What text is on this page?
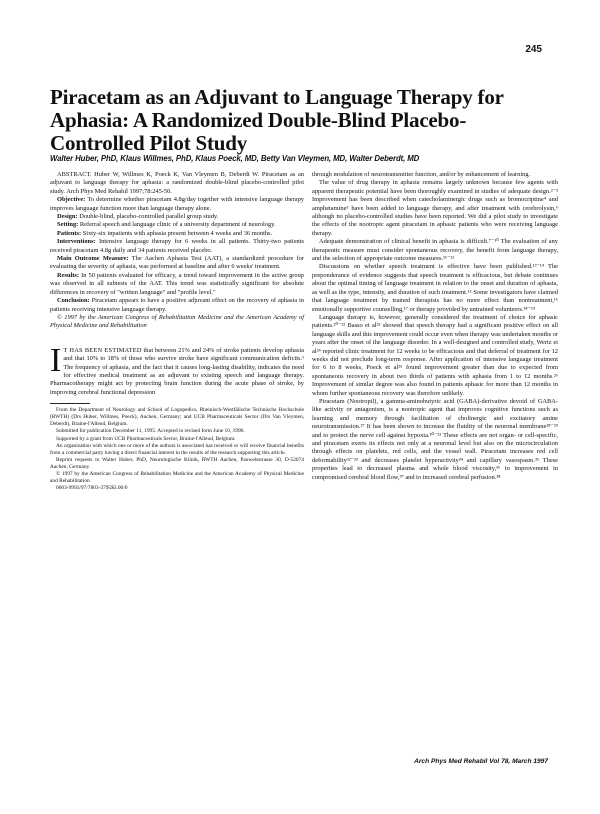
245
Piracetam as an Adjuvant to Language Therapy for Aphasia: A Randomized Double-Blind Placebo-Controlled Pilot Study
Walter Huber, PhD, Klaus Willmes, PhD, Klaus Poeck, MD, Betty Van Vleymen, MD, Walter Deberdt, MD

ABSTRACT. Huber W, Willmes K, Poeck K, Van Vleymen B, Deberdt W. Piracetam as an adjuvant to language therapy for aphasia: a randomized double-blind placebo-controlled pilot study. Arch Phys Med Rehabil 1997;78:245-50.

Objective: To determine whether piracetam 4.8g/day together with intensive language therapy improves language function more than language therapy alone.

Design: Double-blind, placebo-controlled parallel group study.

Setting: Referral speech and language clinic of a university department of neurology.

Patients: Sixty-six inpatients with aphasia present between 4 weeks and 36 months.

Interventions: Intensive language therapy for 6 weeks in all patients. Thirty-two patients received piracetam 4.8g daily and 34 patients received placebo.

Main Outcome Measure: The Aachen Aphasia Test (AAT), a standardized procedure for evaluating the severity of aphasia, was performed at baseline and after 6 weeks' treatment.

Results: In 50 patients evaluated for efficacy, a trend toward improvement in the active group was observed in all subtests of the AAT. This trend was statistically significant for absolute differences in recovery of "written language" and "profile level."

Conclusion: Piracetam appears to have a positive adjuvant effect on the recovery of aphasia in patients receiving intensive language therapy.

© 1997 by the American Congress of Rehabilitation Medicine and the American Academy of Physical Medicine and Rehabilitation

I T HAS BEEN ESTIMATED that between 21% and 24% of stroke patients develop aphasia and that 10% to 18% of those who survive stroke have significant communication deficits.¹ The frequency of aphasia, and the fact that it causes long-lasting disability, indicates the need for effective medical treatment as an adjuvant to existing speech and language therapy. Pharmacotherapy might act by protecting brain function during the acute phase of stroke, by improving cerebral functional depression

From the Department of Neurology and School of Logopedics, Rheinisch-Westfälische Technische Hochschule (RWTH) (Drs Huber, Willmes, Poeck), Aachen, Germany; and UCB Pharmaceuticals Sector (Drs Van Vleymen, Deberdt), Braine-l'Alleud, Belgium.

Submitted for publication December 11, 1995. Accepted in revised form June 10, 1996.

Supported by a grant from UCB Pharmaceuticals Sector, Braine-l'Alleud, Belgium.

An organization with which one or more of the authors is associated has received or will receive financial benefits from a commercial party having a direct financial interest in the results of the research supporting this article.

Reprint requests to Walter Huber, PhD, Neurologische Klinik, RWTH Aachen, Pauwelsstrasse 30, D-52074 Aachen, Germany.

© 1997 by the American Congress of Rehabilitation Medicine and the American Academy of Physical Medicine and Rehabilitation

0003-9993/97/7803-3795$3.00/0

through modulation of neurotransmitter function, and/or by enhancement of learning.

The value of drug therapy in aphasia remains largely unknown because few agents with apparent therapeutic potential have been thoroughly examined in studies of adequate design.²⁻³ Improvement has been described when catecholaminergic drugs such as bromocriptine⁴ and amphetamine⁵ have been added to language therapy, and after treatment with cerebrolysin,⁶ although no placebo-controlled studies have been reported. We did a pilot study to investigate the effects of the nootropic agent piracetam in aphasic patients who were receiving language therapy.

Adequate demonstration of clinical benefit in aphasia is difficult.⁷⁻¹⁰ The evaluation of any therapeutic measure must consider spontaneous recovery, the benefit from language therapy, and the selection of appropriate outcome measures.¹¹⁻¹²

Discussions on whether speech treatment is effective have been published.¹³⁻¹⁴ The preponderance of evidence suggests that speech treatment is efficacious, but debate continues about the optimal timing of language treatment in relation to the onset and duration of aphasia, as well as the type, intensity, and duration of such treatment.¹⁵ Some investigators have claimed that language treatment by trained therapists has no more effect than nontreatment,¹⁶ emotionally supportive counselling,¹⁷ or therapy provided by untrained volunteers.¹⁸⁻¹⁹

Language therapy is, however, generally considered the treatment of choice for aphasic patients.²⁰⁻²² Basso et al²³ showed that speech therapy had a significant positive effect on all language skills and this improvement could occur even when therapy was undertaken months or years after the onset of the language disorder. In a well-designed and controlled study, Wertz et al²⁴ reported clinic treatment for 12 weeks to be efficacious and that deferral of treatment for 12 weeks did not preclude long-term response. After application of intensive language treatment for 6 to 8 weeks, Poeck et al²⁵ found improvement greater than due to expected from spontaneous recovery in about two thirds of patients with aphasia from 1 to 12 months.²⁶ Improvement of similar degree was also found in patients aphasic for more than 12 months in whom further spontaneous recovery was therefore unlikely.

Piracetam (Nootropil), a gamma-aminobutyric acid (GABA)-derivative devoid of GABA-like activity or antagonism, is a nootropic agent that improves cognitive functions such as learning and memory through facilitation of cholinergic and excitatory amine neurotransmission.²⁷ It has been shown to increase the fluidity of the neuronal membrane²⁸⁻²⁹ and to protect the nerve cell against hypoxia.³⁰⁻³¹ These effects are not organ- or cell-specific, and piracetam exerts its effects not only at a neuronal level but also on the microcirculation through effects on platelets, red cells, and the vessel wall. Piracetam increases red cell deformability³²⁻³³ and decreases platelet hyperactivity³⁴ and capillary vasospasm.³⁵ These properties lead to decreased plasma and whole blood viscosity,³⁶ to improvement in compromised cerebral blood flow,³⁷ and to increased cerebral perfusion.³⁸

Arch Phys Med Rehabil Vol 78, March 1997
